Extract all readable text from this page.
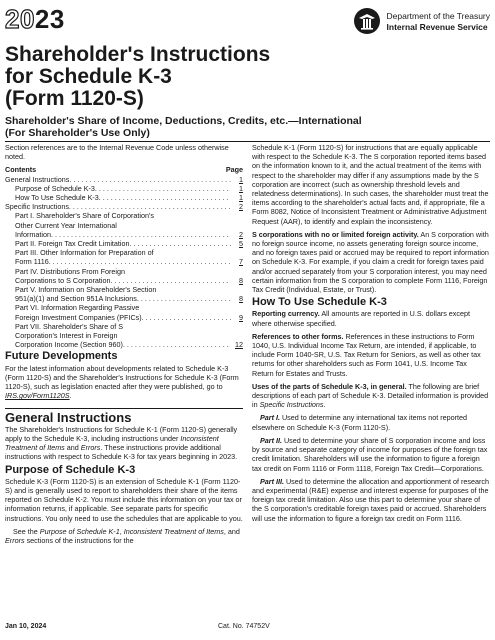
2023	Department of the Treasury
Internal Revenue Service
Shareholder's Instructions
for Schedule K-3
(Form 1120-S)
Shareholder's Share of Income, Deductions, Credits, etc.—International
(For Shareholder's Use Only)

Section references are to the Internal Revenue Code unless otherwise noted.

Contents	Page
General Instructions . . .	1
Purpose of Schedule K-3 . . .	1
How To Use Schedule K-3 . . .	1
Specific Instructions . . .	2
Part I. Shareholder's Share of Corporation's
Other Current Year International
Information . . .	2
Part II. Foreign Tax Credit Limitation . . .	5
Part III. Other Information for Preparation of
Form 1116 . . .	7
Part IV. Distributions From Foreign
Corporations to S Corporation . . .	8
Part V. Information on Shareholder's Section
951(a)(1) and Section 951A Inclusions . . .	8
Part VI. Information Regarding Passive
Foreign Investment Companies (PFICs) . . .	9
Part VII. Shareholder's Share of S
Corporation's Interest in Foreign
Corporation Income (Section 960) . . .	12
Future Developments

For the latest information about developments related to Schedule K-3 (Form 1120-S) and the Shareholder's Instructions for Schedule K-3 (Form 1120-S), such as legislation enacted after they were published, go to IRS.gov/Form1120S.

General Instructions

The Shareholder's Instructions for Schedule K-1 (Form 1120-S) generally apply to the Schedule K-3, including instructions under Inconsistent Treatment of Items and Errors. These instructions provide additional instructions with respect to Schedule K-3 for tax years beginning in 2023.

Purpose of Schedule K-3

Schedule K-3 (Form 1120-S) is an extension of Schedule K-1 (Form 1120-S) and is generally used to report to shareholders their share of the items reported on Schedule K-2. You must include this information on your tax or information returns, if applicable. See separate parts for specific instructions. You only need to use the schedules that are applicable to you.

See the Purpose of Schedule K-1, Inconsistent Treatment of Items, and Errors sections of the instructions for the

Schedule K-1 (Form 1120-S) for instructions that are equally applicable with respect to the Schedule K-3. The S corporation reported items based on the information known to it, and the actual treatment of the items with respect to the shareholder may differ if any assumptions made by the S corporation are incorrect (such as ownership threshold levels and relatedness determinations). In such cases, the shareholder must treat the items according to the shareholder's actual facts and, if appropriate, file a Form 8082, Notice of Inconsistent Treatment or Administrative Adjustment Request (AAR), to identify and explain the inconsistency.

S corporations with no or limited foreign activity. An S corporation with no foreign source income, no assets generating foreign source income, and no foreign taxes paid or accrued may be required to report information on Schedule K-3. For example, if you claim a credit for foreign taxes paid and/or accrued separately from your S corporation interest, you may need certain information from the S corporation to complete Form 1116, Foreign Tax Credit (Individual, Estate, or Trust).

How To Use Schedule K-3

Reporting currency. All amounts are reported in U.S. dollars except where otherwise specified.

References to other forms. References in these instructions to Form 1040, U.S. Individual Income Tax Return, are intended, if applicable, to include Form 1040-SR, U.S. Tax Return for Seniors, as well as other tax returns for other shareholders such as Form 1041, U.S. Income Tax Return for Estates and Trusts.

Uses of the parts of Schedule K-3, in general. The following are brief descriptions of each part of Schedule K-3. Detailed information is provided in Specific Instructions.

Part I. Used to determine any international tax items not reported elsewhere on Schedule K-3 (Form 1120-S).

Part II. Used to determine your share of S corporation income and loss by source and separate category of income for purposes of the foreign tax credit limitation. Shareholders will use the information to figure a foreign tax credit on Form 1116 or Form 1118, Foreign Tax Credit—Corporations.

Part III. Used to determine the allocation and apportionment of research and experimental (R&E) expense and interest expense for purposes of the foreign tax credit limitation. Also use this part to determine your share of the S corporation's creditable foreign taxes paid or accrued. Shareholders will use the information to figure a foreign tax credit on Form 1116.

Jan 10, 2024	Cat. No. 74752V
